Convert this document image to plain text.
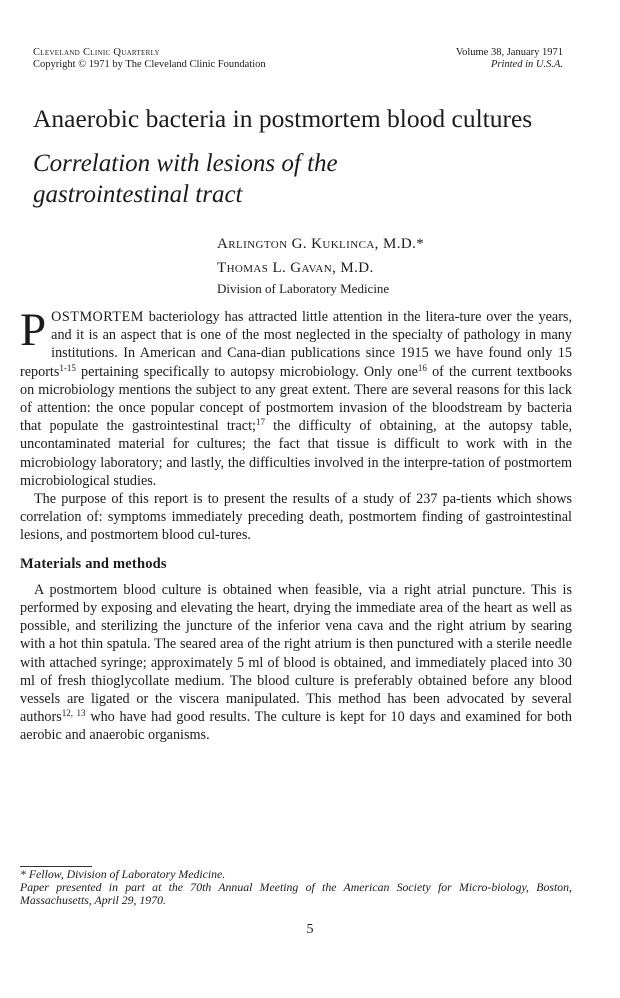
Cleveland Clinic Quarterly
Copyright © 1971 by The Cleveland Clinic Foundation
Volume 38, January 1971
Printed in U.S.A.
Anaerobic bacteria in postmortem blood cultures
Correlation with lesions of the gastrointestinal tract
Arlington G. Kuklinca, M.D.*
Thomas L. Gavan, M.D.
Division of Laboratory Medicine

POSTMORTEM bacteriology has attracted little attention in the litera-ture over the years, and it is an aspect that is one of the most neglected in the specialty of pathology in many institutions. In American and Cana-dian publications since 1915 we have found only 15 reports$^{1-15}$ pertaining specifically to autopsy microbiology. Only one$^{16}$ of the current textbooks on microbiology mentions the subject to any great extent. There are several reasons for this lack of attention: the once popular concept of postmortem invasion of the bloodstream by bacteria that populate the gastrointestinal tract;$^{17}$ the difficulty of obtaining, at the autopsy table, uncontaminated material for cultures; the fact that tissue is difficult to work with in the microbiology laboratory; and lastly, the difficulties involved in the interpre-tation of postmortem microbiological studies.

The purpose of this report is to present the results of a study of 237 pa-tients which shows correlation of: symptoms immediately preceding death, postmortem finding of gastrointestinal lesions, and postmortem blood cul-tures.

Materials and methods

A postmortem blood culture is obtained when feasible, via a right atrial puncture. This is performed by exposing and elevating the heart, drying the immediate area of the heart as well as possible, and sterilizing the juncture of the inferior vena cava and the right atrium by searing with a hot thin spatula. The seared area of the right atrium is then punctured with a sterile needle with attached syringe; approximately 5 ml of blood is obtained, and immediately placed into 30 ml of fresh thioglycollate medium. The blood culture is preferably obtained before any blood vessels are ligated or the viscera manipulated. This method has been advocated by several authors$^{12, 13}$ who have had good results. The culture is kept for 10 days and examined for both aerobic and anaerobic organisms.

* Fellow, Division of Laboratory Medicine.
Paper presented in part at the 70th Annual Meeting of the American Society for Micro-biology, Boston, Massachusetts, April 29, 1970.
5
